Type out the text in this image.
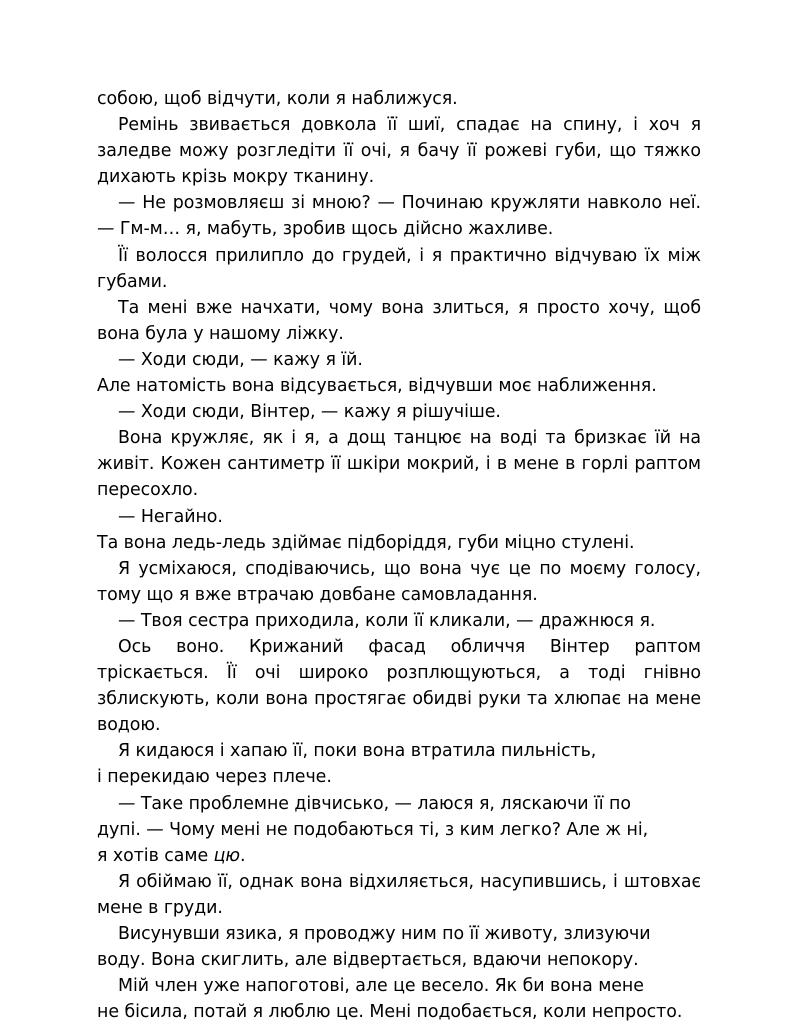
собою, щоб відчути, коли я наближуся.

Ремінь звивається довкола її шиї, спадає на спину, і хоч я заледве можу розгледіти її очі, я бачу її рожеві губи, що тяжко дихають крізь мокру тканину.

— Не розмовляєш зі мною? — Починаю кружляти навколо неї. — Гм-м… я, мабуть, зробив щось дійсно жахливе.

Її волосся прилипло до грудей, і я практично відчуваю їх між губами.

Та мені вже начхати, чому вона злиться, я просто хочу, щоб вона була у нашому ліжку.

— Ходи сюди, — кажу я їй.

Але натомість вона відсувається, відчувши моє наближення.

— Ходи сюди, Вінтер, — кажу я рішучіше.

Вона кружляє, як і я, а дощ танцює на воді та бризкає їй на живіт. Кожен сантиметр її шкіри мокрий, і в мене в горлі раптом пересохло.

— Негайно.

Та вона ледь-ледь здіймає підборіддя, губи міцно стулені.

Я усміхаюся, сподіваючись, що вона чує це по моєму голосу, тому що я вже втрачаю довбане самовладання.

— Твоя сестра приходила, коли її кликали, — дражнюся я.

Ось воно. Крижаний фасад обличчя Вінтер раптом тріскається. Її очі широко розплющуються, а тоді гнівно зблискують, коли вона простягає обидві руки та хлюпає на мене водою.

Я кидаюся і хапаю її, поки вона втратила пильність,

і перекидаю через плече.

— Таке проблемне дівчисько, — лаюся я, ляскаючи її по

дупі. — Чому мені не подобаються ті, з ким легко? Але ж ні,

я хотів саме цю.

Я обіймаю її, однак вона відхиляється, насупившись, і штовхає мене в груди.

Висунувши язика, я проводжу ним по її животу, злизуючи

воду. Вона скиглить, але відвертається, вдаючи непокору.

Мій член уже напоготові, але це весело. Як би вона мене

не бісила, потай я люблю це. Мені подобається, коли непросто.
